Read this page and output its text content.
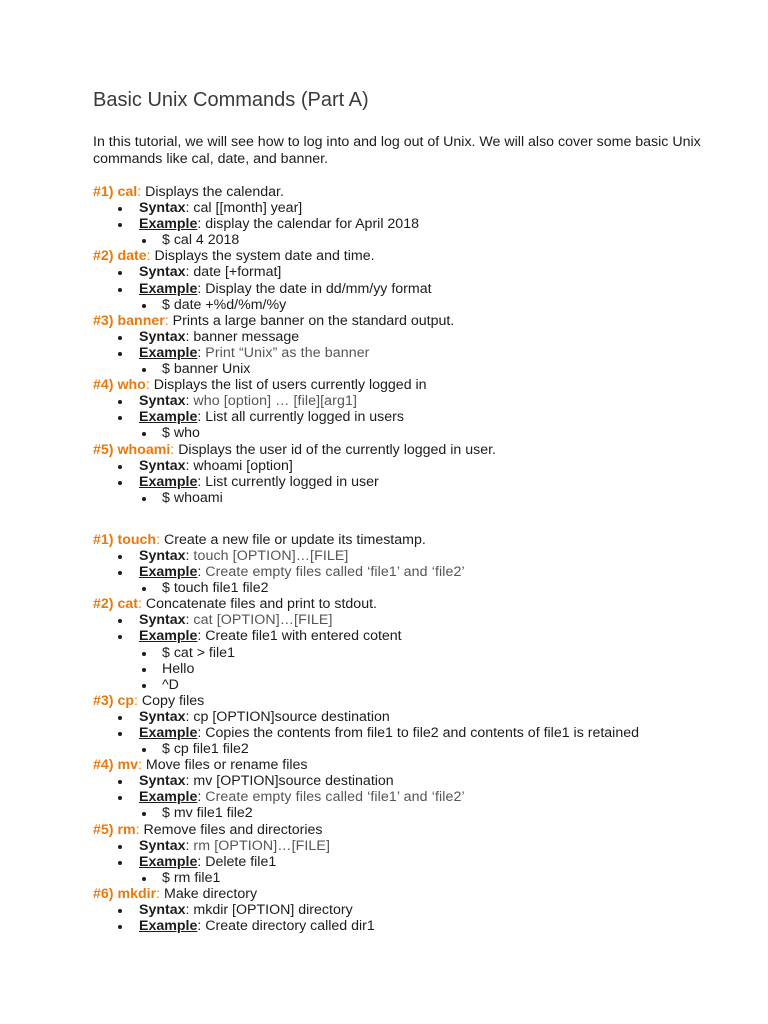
Basic Unix Commands (Part A)

In this tutorial, we will see how to log into and log out of Unix. We will also cover some basic Unix commands like cal, date, and banner.

#1) cal: Displays the calendar.
Syntax: cal [[month] year]
Example: display the calendar for April 2018
$ cal 4 2018
#2) date: Displays the system date and time.
Syntax: date [+format]
Example: Display the date in dd/mm/yy format
$ date +%d/%m/%y
#3) banner: Prints a large banner on the standard output.
Syntax: banner message
Example: Print “Unix” as the banner
$ banner Unix
#4) who: Displays the list of users currently logged in
Syntax: who [option] … [file][arg1]
Example: List all currently logged in users
$ who
#5) whoami: Displays the user id of the currently logged in user.
Syntax: whoami [option]
Example: List currently logged in user
$ whoami
#1) touch: Create a new file or update its timestamp.
Syntax: touch [OPTION]…[FILE]
Example: Create empty files called ‘file1’ and ‘file2’
$ touch file1 file2
#2) cat: Concatenate files and print to stdout.
Syntax: cat [OPTION]…[FILE]
Example: Create file1 with entered cotent
$ cat > file1
Hello
^D
#3) cp: Copy files
Syntax: cp [OPTION]source destination
Example: Copies the contents from file1 to file2 and contents of file1 is retained
$ cp file1 file2
#4) mv: Move files or rename files
Syntax: mv [OPTION]source destination
Example: Create empty files called ‘file1’ and ‘file2’
$ mv file1 file2
#5) rm: Remove files and directories
Syntax: rm [OPTION]…[FILE]
Example: Delete file1
$ rm file1
#6) mkdir: Make directory
Syntax: mkdir [OPTION] directory
Example: Create directory called dir1
